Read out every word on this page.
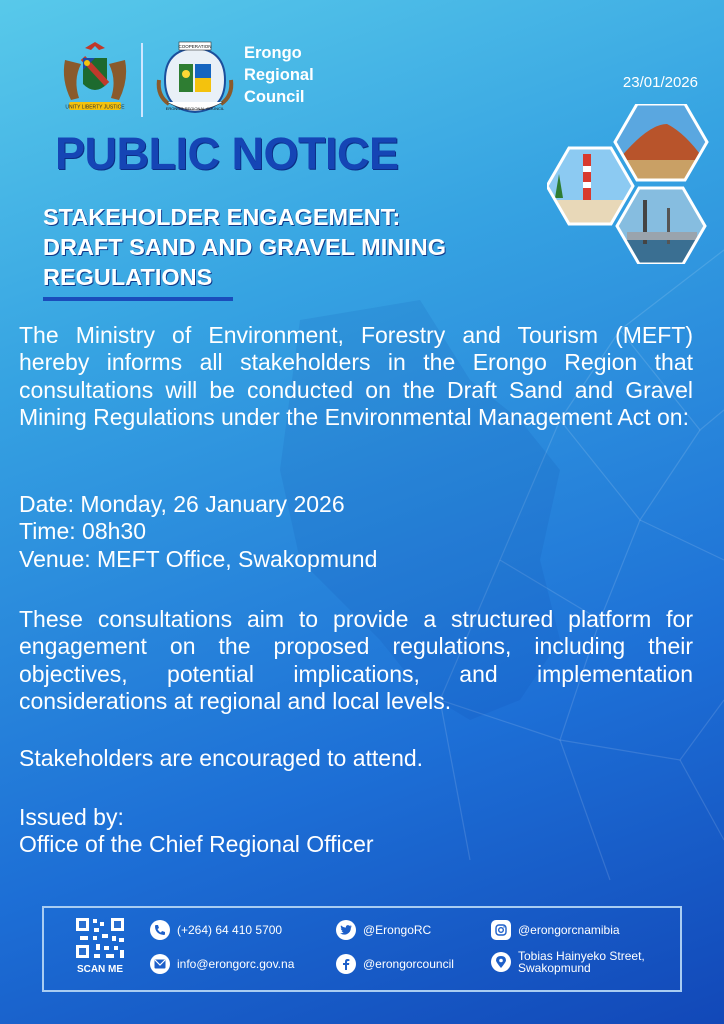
UNITY LIBERTY JUSTICE
COOPERATION
ERONGO REGIONAL COUNCIL
Erongo
Regional
Council
23/01/2026
PUBLIC NOTICE
STAKEHOLDER ENGAGEMENT:
DRAFT SAND AND GRAVEL MINING
REGULATIONS
The Ministry of Environment, Forestry and Tourism (MEFT) hereby informs all stakeholders in the Erongo Region that consultations will be conducted on the Draft Sand and Gravel Mining Regulations under the Environmental Management Act on:
Date: Monday, 26 January 2026
Time: 08h30
Venue: MEFT Office, Swakopmund
These consultations aim to provide a structured platform for engagement on the proposed regulations, including their objectives, potential implications, and implementation considerations at regional and local levels.
Stakeholders are encouraged to attend.
Issued by:
Office of the Chief Regional Officer
SCAN ME
(+264) 64 410 5700
info@erongorc.gov.na
@ErongoRC
@erongorcouncil
@erongorcnamibia
Tobias Hainyeko Street,
Swakopmund
